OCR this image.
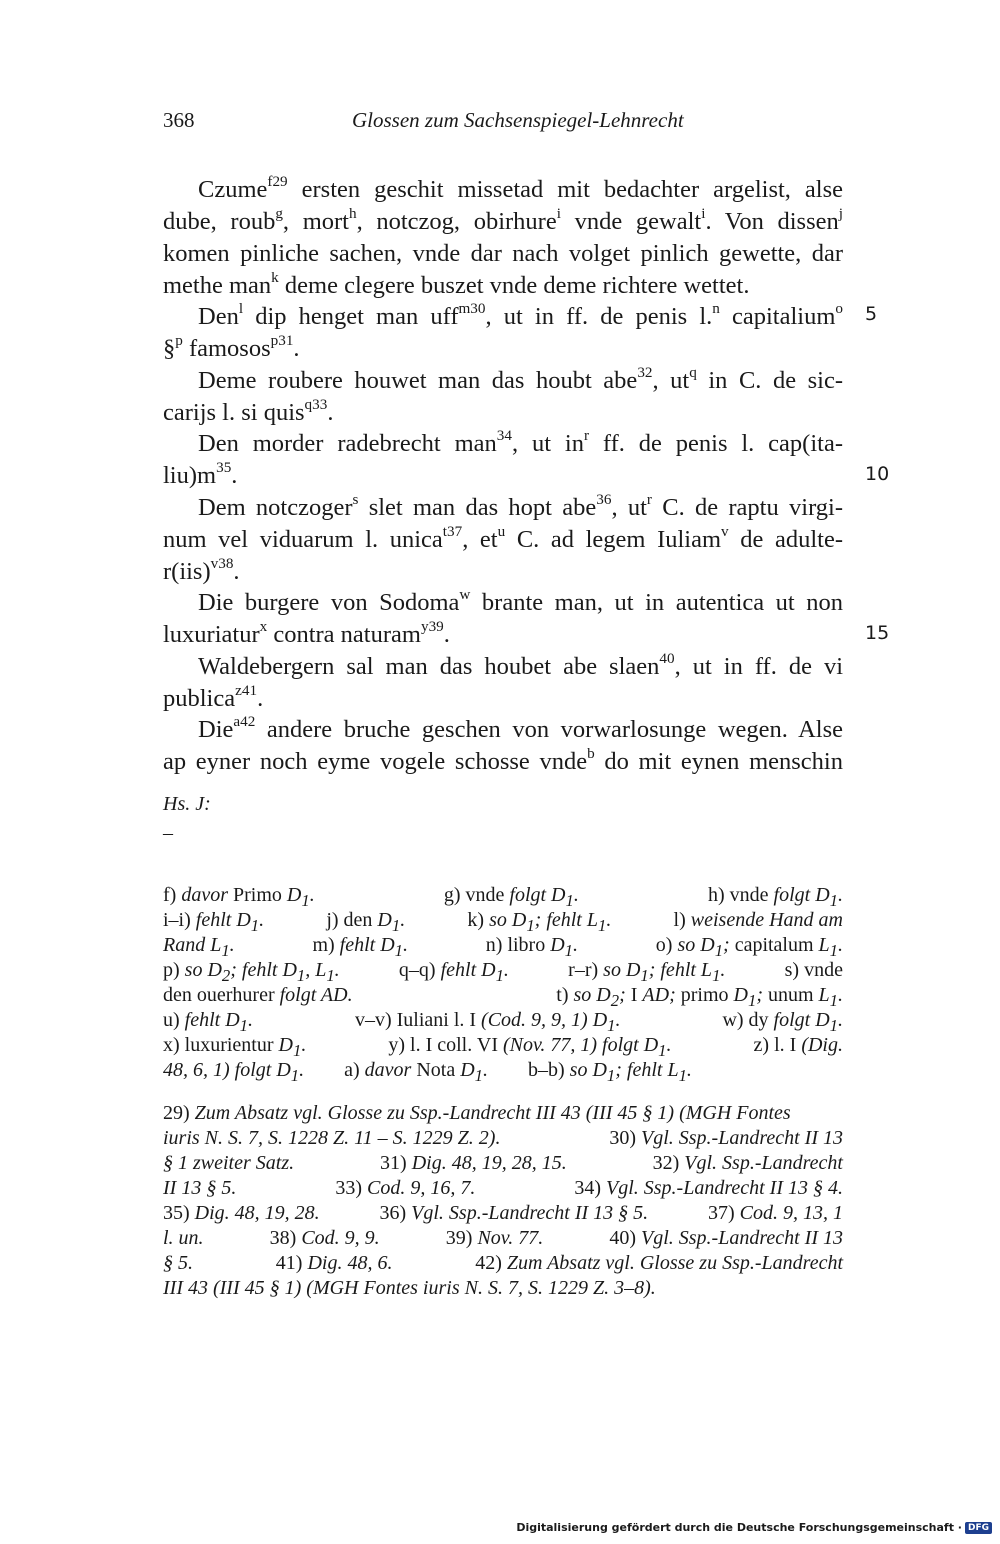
368	Glossen zum Sachsenspiegel-Lehnrecht
Czume$^{f29}$ ersten geschit missetad mit bedachter argelist, alse
dube, roub$^g$, mort$^h$, notczog, obirhure$^i$ vnde gewalt$^i$. Von dissen$^j$
komen pinliche sachen, vnde dar nach volget pinlich gewette, dar
methe man$^k$ deme clegere buszet vnde deme richtere wettet.
Den$^l$ dip henget man uff$^{m30}$, ut in ff. de penis l.$^n$ capitalium$^o$
§$^p$ famosos$^{p31}$.
Deme roubere houwet man das houbt abe$^{32}$, $ut^q$ in C. de sic-
carijs l. si quis$^{q33}$.
Den morder radebrecht man$^{34}$, ut $in^r$ ff. de penis l. cap(ita-
$liu)m^{35}$.
Dem notczoger$^s$ slet man das hopt abe$^{36}$, $ut^r$ C. de raptu virgi-
num vel viduarum l. unica$^{t37}$, $et^u$ C. ad legem Iuliam$^v$ de adulte-
r(iis)$^{v38}$.
Die burgere von Sodoma$^w$ brante man, ut in autentica ut non
luxuriatur$^x$ contra naturam$^{y39}$.
Waldebergern sal man das houbet abe slaen$^{40}$, ut in ff. de vi
publica$^{z41}$.
Die$^{a42}$ andere bruche geschen von vorwarlosunge wegen. Alse
ap eyner noch eyme vogele schosse vnde$^b$ do mit eynen menschin
5
10
15
Hs. J:
–
f) davor Primo $D_1$.	g) vnde folgt $D_1$.	h) vnde folgt $D_1$.
i–i) fehlt $D_1$.	j) den $D_1$.	k) so $D_1$; fehlt $L_1$.	l) weisende Hand am
Rand $L_1$.	m) fehlt $D_1$.	n) libro $D_1$.	o) so $D_1$; capitalum $L_1$.
p) so $D_2$; fehlt $D_1$, $L_1$.	q–q) fehlt $D_1$.	r–r) so $D_1$; fehlt $L_1$.	s) vnde
den ouerhurer folgt AD.	t) so $D_2$; I AD; primo $D_1$; unum $L_1$.
u) fehlt $D_1$.	v–v) Iuliani l. I (Cod. 9, 9, 1) $D_1$.	w) dy folgt $D_1$.
x) luxurientur $D_1$.	y) l. I coll. VI (Nov. 77, 1) folgt $D_1$.	z) l. I (Dig.
48, 6, 1) folgt $D_1$.        a) davor Nota $D_1$.        b–b) so $D_1$; fehlt $L_1$.
29) Zum Absatz vgl. Glosse zu Ssp.-Landrecht III 43 (III 45 § 1) (MGH Fontes
iuris N. S. 7, S. 1228 Z. 11 – S. 1229 Z. 2).	30) Vgl. Ssp.-Landrecht II 13
§ 1 zweiter Satz.	31) Dig. 48, 19, 28, 15.	32) Vgl. Ssp.-Landrecht
II 13 § 5.	33) Cod. 9, 16, 7.	34) Vgl. Ssp.-Landrecht II 13 § 4.
35) Dig. 48, 19, 28.	36) Vgl. Ssp.-Landrecht II 13 § 5.	37) Cod. 9, 13, 1
l. un.	38) Cod. 9, 9.	39) Nov. 77.	40) Vgl. Ssp.-Landrecht II 13
§ 5.	41) Dig. 48, 6.	42) Zum Absatz vgl. Glosse zu Ssp.-Landrecht
III 43 (III 45 § 1) (MGH Fontes iuris N. S. 7, S. 1229 Z. 3–8).
Digitalisierung gefördert durch die Deutsche Forschungsgemeinschaft · DFG
